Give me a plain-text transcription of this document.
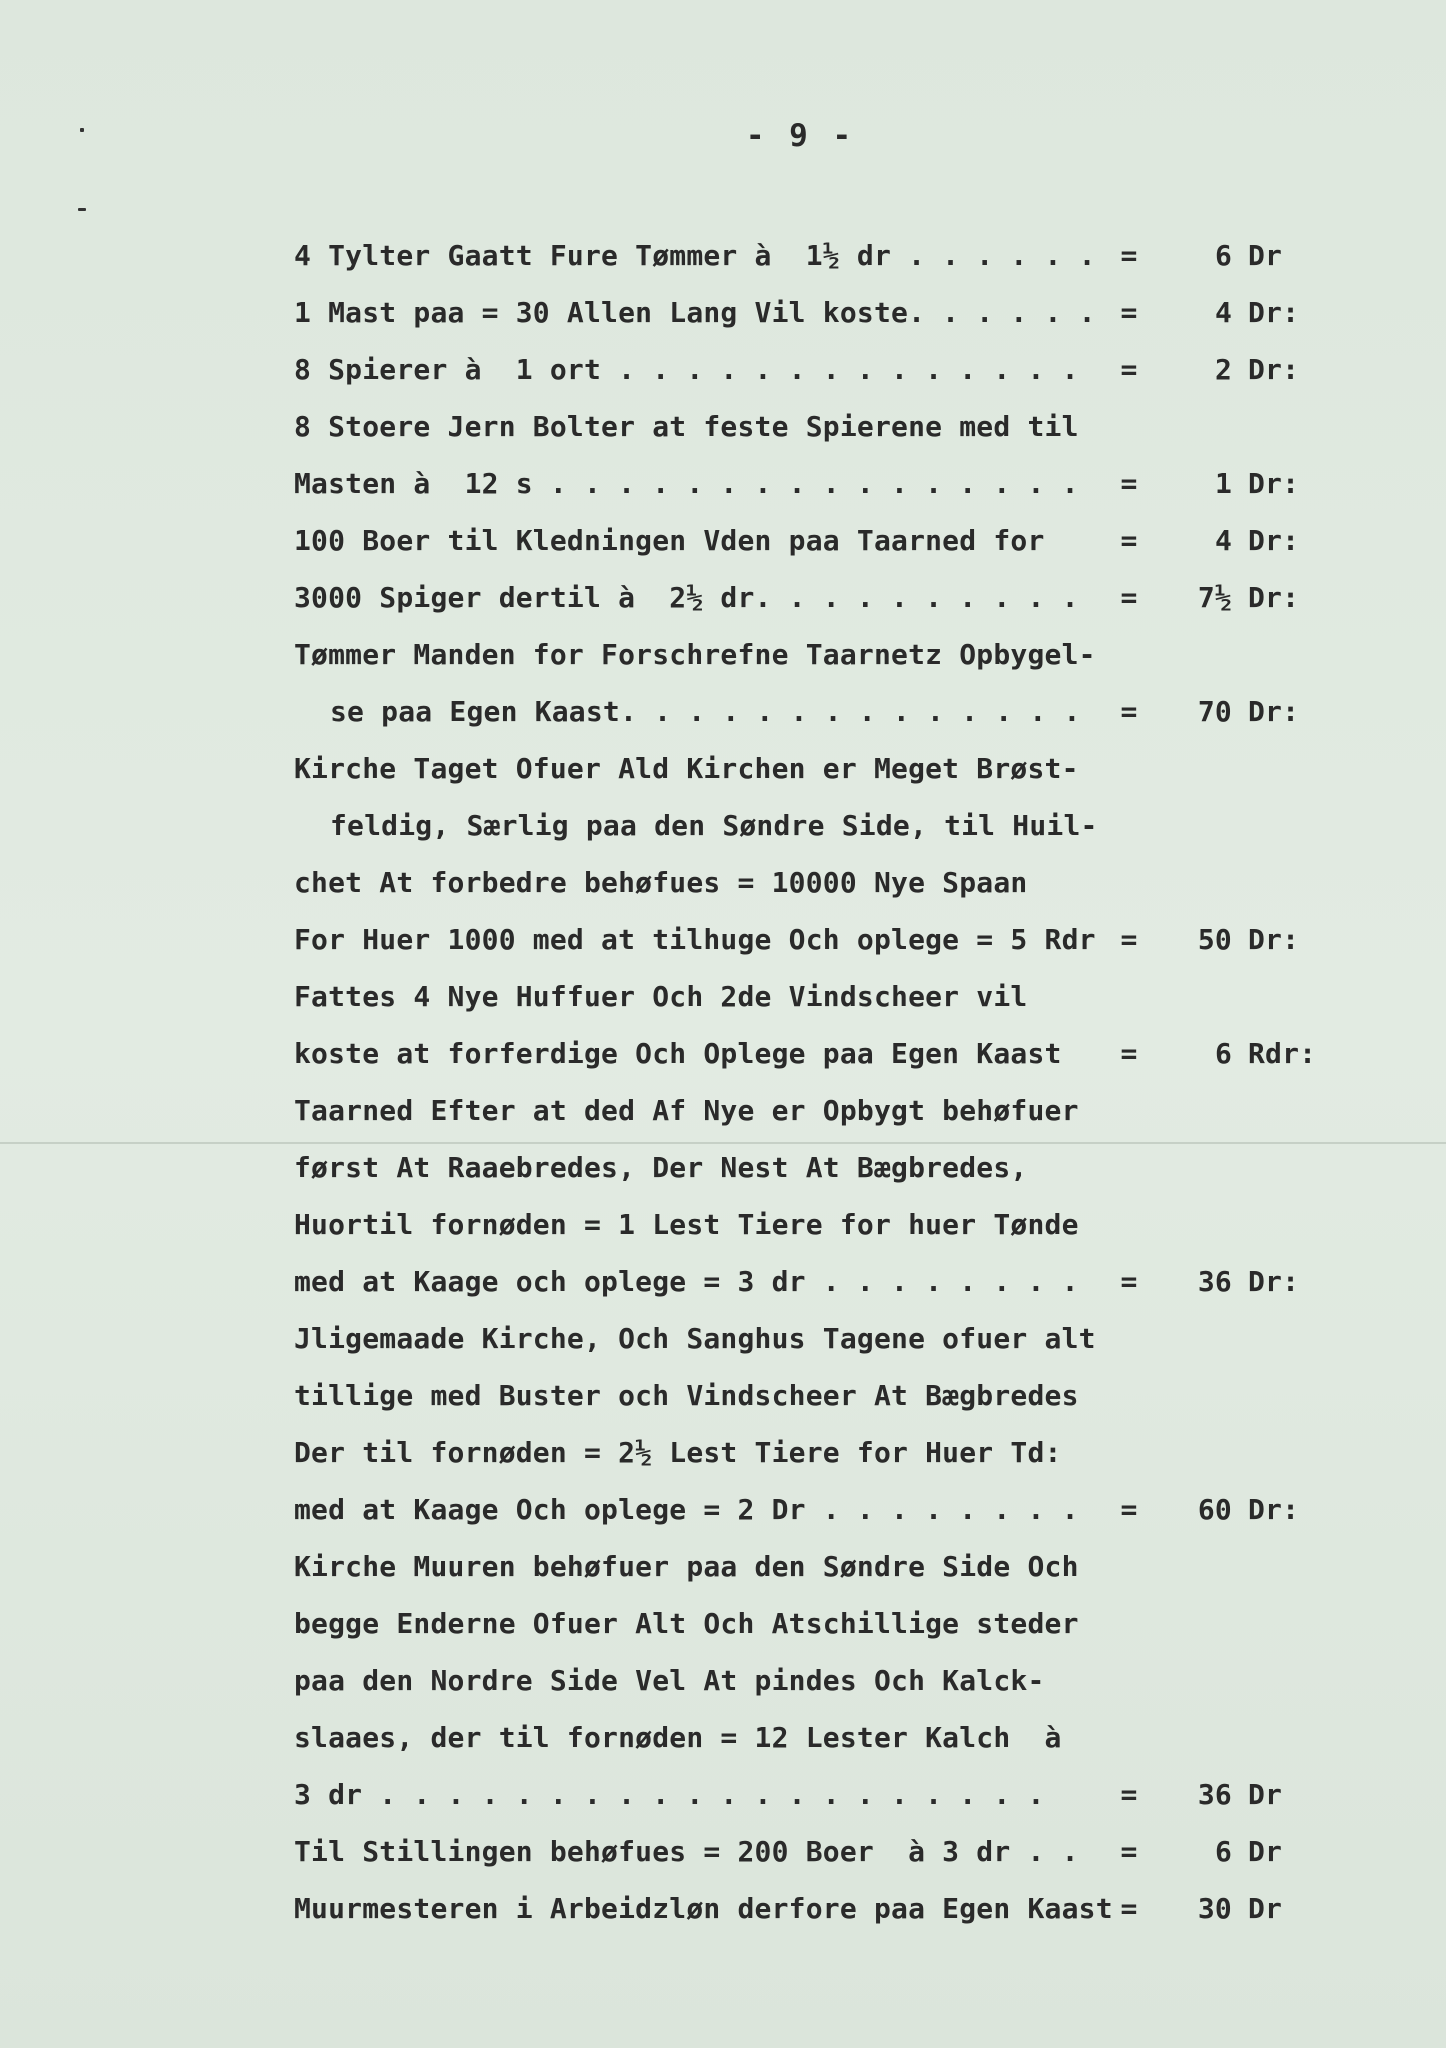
- 9 -
4 Tylter Gaatt Fure Tømmer à  1½ dr . . . . . . =	6 Dr
1 Mast paa = 30 Allen Lang Vil koste. . . . . . =	4 Dr:
8 Spierer à  1 ort . . . . . . . . . . . . . . =	2 Dr:
8 Stoere Jern Bolter at feste Spierene med til
Masten à  12 s . . . . . . . . . . . . . . . . =	1 Dr:
100 Boer til Kledningen Vden paa Taarned for	=	4 Dr:
3000 Spiger dertil à  2½ dr. . . . . . . . . . =	7½ Dr:
Tømmer Manden for Forschrefne Taarnetz Opbygel-
se paa Egen Kaast. . . . . . . . . . . . . . =	70 Dr:
Kirche Taget Ofuer Ald Kirchen er Meget Brøst-
feldig, Særlig paa den Søndre Side, til Huil-
chet At forbedre behøfues = 10000 Nye Spaan
For Huer 1000 med at tilhuge Och oplege = 5 Rdr =	50 Dr:
Fattes 4 Nye Huffuer Och 2de Vindscheer vil
koste at forferdige Och Oplege paa Egen Kaast =	6 Rdr:
Taarned Efter at ded Af Nye er Opbygt behøfuer
først At Raaebredes, Der Nest At Bægbredes,
Huortil fornøden = 1 Lest Tiere for huer Tønde
med at Kaage och oplege = 3 dr . . . . . . . . =	36 Dr:
Jligemaade Kirche, Och Sanghus Tagene ofuer alt
tillige med Buster och Vindscheer At Bægbredes
Der til fornøden = 2½ Lest Tiere for Huer Td:
med at Kaage Och oplege = 2 Dr . . . . . . . . =	60 Dr:
Kirche Muuren behøfuer paa den Søndre Side Och
begge Enderne Ofuer Alt Och Atschillige steder
paa den Nordre Side Vel At pindes Och Kalck-
slaaes, der til fornøden = 12 Lester Kalch  à
3 dr . . . . . . . . . . . . . . . . . . . .	=	36 Dr
Til Stillingen behøfues = 200 Boer  à 3 dr . . =	6 Dr
Muurmesteren i Arbeidzløn derfore paa Egen Kaast =	30 Dr
